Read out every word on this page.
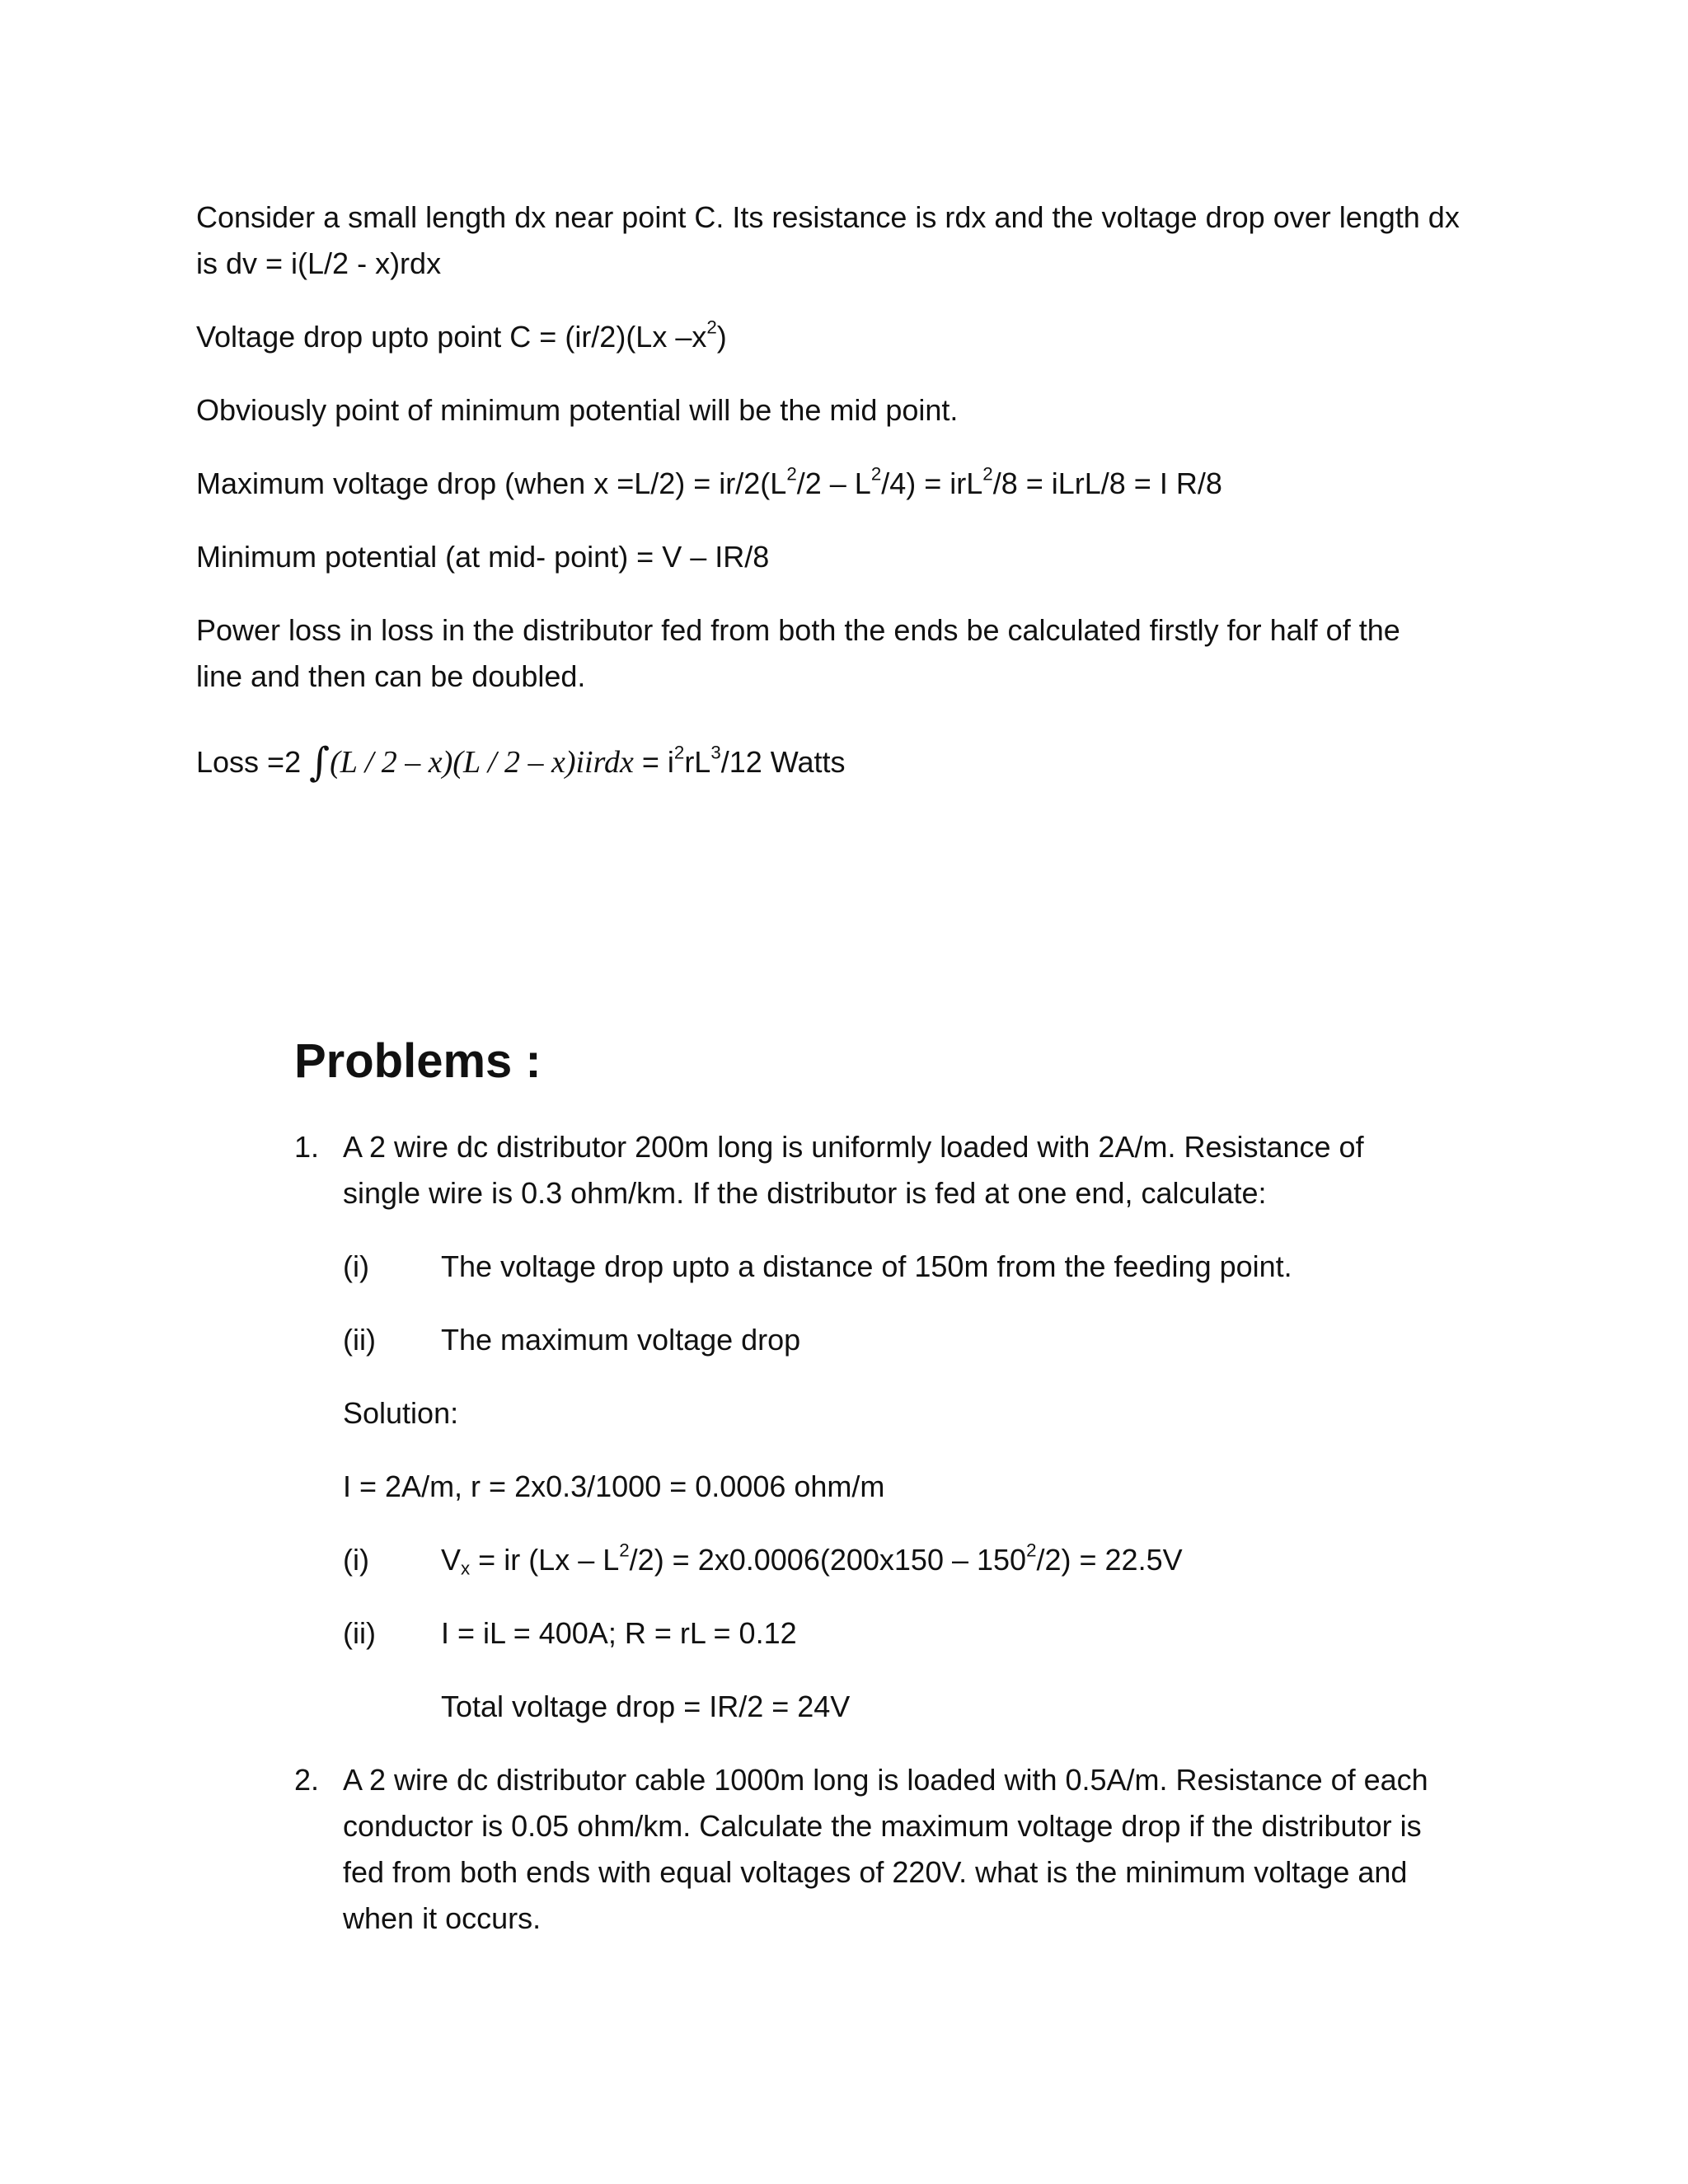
Consider a small length dx near point C. Its resistance is rdx and the voltage drop over length dx
is dv = i(L/2 - x)rdx
Voltage drop upto point C = (ir/2)(Lx $-x^2$)
Obviously point of minimum potential will be the mid point.
Maximum voltage drop (when $x =L/2) = ir/2(L^2/2 - L^2/4) = irL^2/8$ = iLrL/8 = I R/8
Minimum potential (at mid- point) = V – IR/8
Power loss in loss in the distributor fed from both the ends be calculated firstly for half of the
line and then can be doubled.
Loss =2 ∫(L / 2 – x)(L / 2 – x)iirdx = $i^2rL^3/12$ Watts
Problems :
1. A 2 wire dc distributor 200m long is uniformly loaded with 2A/m. Resistance of
single wire is 0.3 ohm/km. If the distributor is fed at one end, calculate:
(i) The voltage drop upto a distance of 150m from the feeding point.
(ii) The maximum voltage drop
Solution:
I = 2A/m, r = 2x0.3/1000 = 0.0006 ohm/m
(i) $V_x$ = ir $(Lx - L^2/2) = 2x0.0006(200x150 - 150^2/2) = 22.5V$
(ii) I = iL = 400A; R = rL = 0.12
Total voltage drop = IR/2 = 24V
2. A 2 wire dc distributor cable 1000m long is loaded with 0.5A/m. Resistance of each
conductor is 0.05 ohm/km. Calculate the maximum voltage drop if the distributor is
fed from both ends with equal voltages of 220V. what is the minimum voltage and
when it occurs.
